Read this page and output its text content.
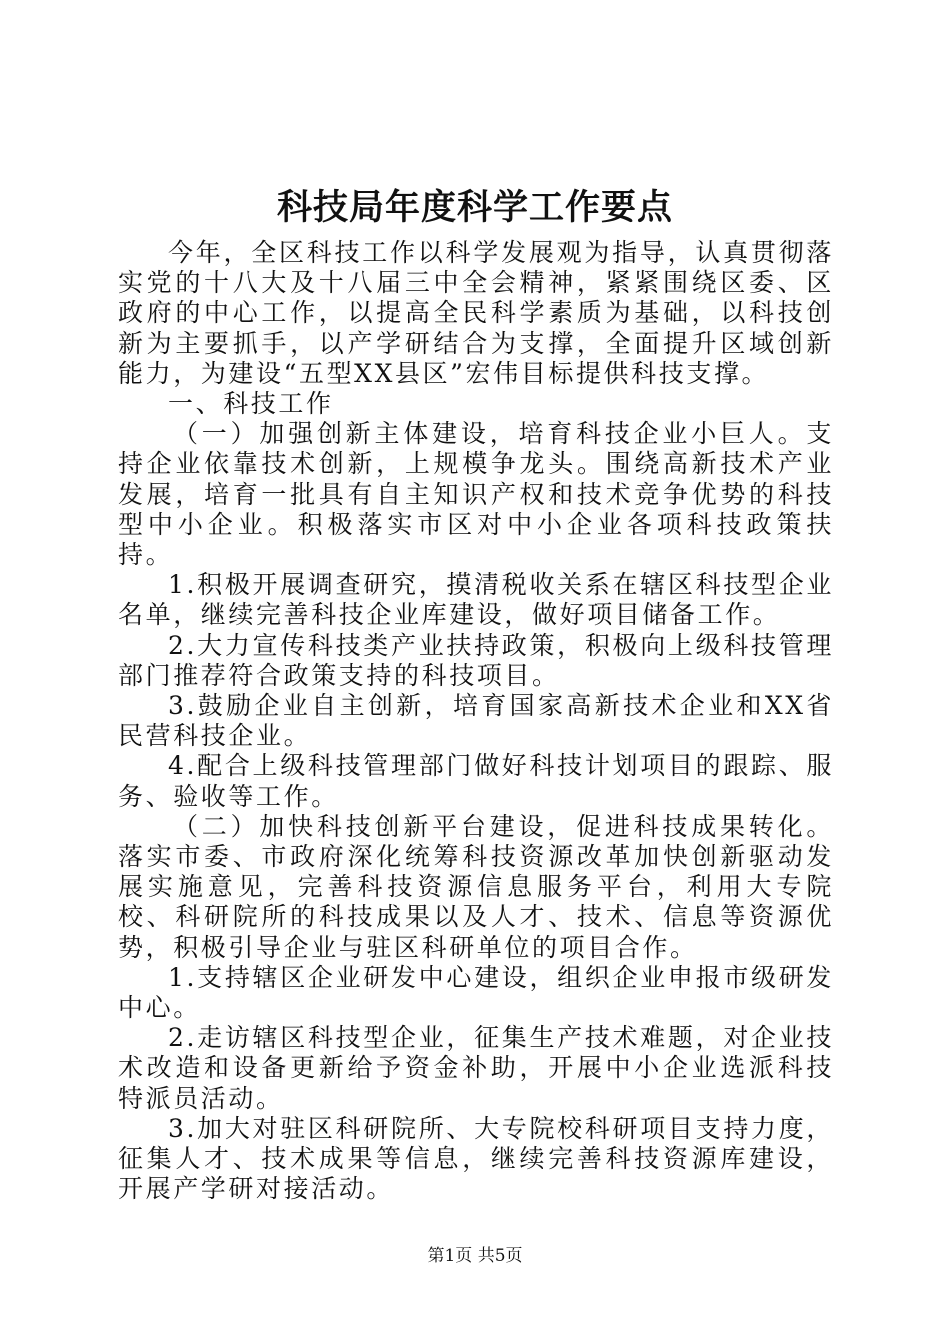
科技局年度科学工作要点

今年，全区科技工作以科学发展观为指导，认真贯彻落实党的十八大及十八届三中全会精神，紧紧围绕区委、区政府的中心工作，以提高全民科学素质为基础，以科技创新为主要抓手，以产学研结合为支撑，全面提升区域创新能力，为建设“五型XX县区”宏伟目标提供科技支撑。

一、科技工作

（一）加强创新主体建设，培育科技企业小巨人。支持企业依靠技术创新，上规模争龙头。围绕高新技术产业发展，培育一批具有自主知识产权和技术竞争优势的科技型中小企业。积极落实市区对中小企业各项科技政策扶持。

1.积极开展调查研究，摸清税收关系在辖区科技型企业名单，继续完善科技企业库建设，做好项目储备工作。

2.大力宣传科技类产业扶持政策，积极向上级科技管理部门推荐符合政策支持的科技项目。

3.鼓励企业自主创新，培育国家高新技术企业和XX省民营科技企业。

4.配合上级科技管理部门做好科技计划项目的跟踪、服务、验收等工作。

（二）加快科技创新平台建设，促进科技成果转化。落实市委、市政府深化统筹科技资源改革加快创新驱动发展实施意见，完善科技资源信息服务平台，利用大专院校、科研院所的科技成果以及人才、技术、信息等资源优势，积极引导企业与驻区科研单位的项目合作。

1.支持辖区企业研发中心建设，组织企业申报市级研发中心。

2.走访辖区科技型企业，征集生产技术难题，对企业技术改造和设备更新给予资金补助，开展中小企业选派科技特派员活动。

3.加大对驻区科研院所、大专院校科研项目支持力度，征集人才、技术成果等信息，继续完善科技资源库建设，开展产学研对接活动。

第1页 共5页
